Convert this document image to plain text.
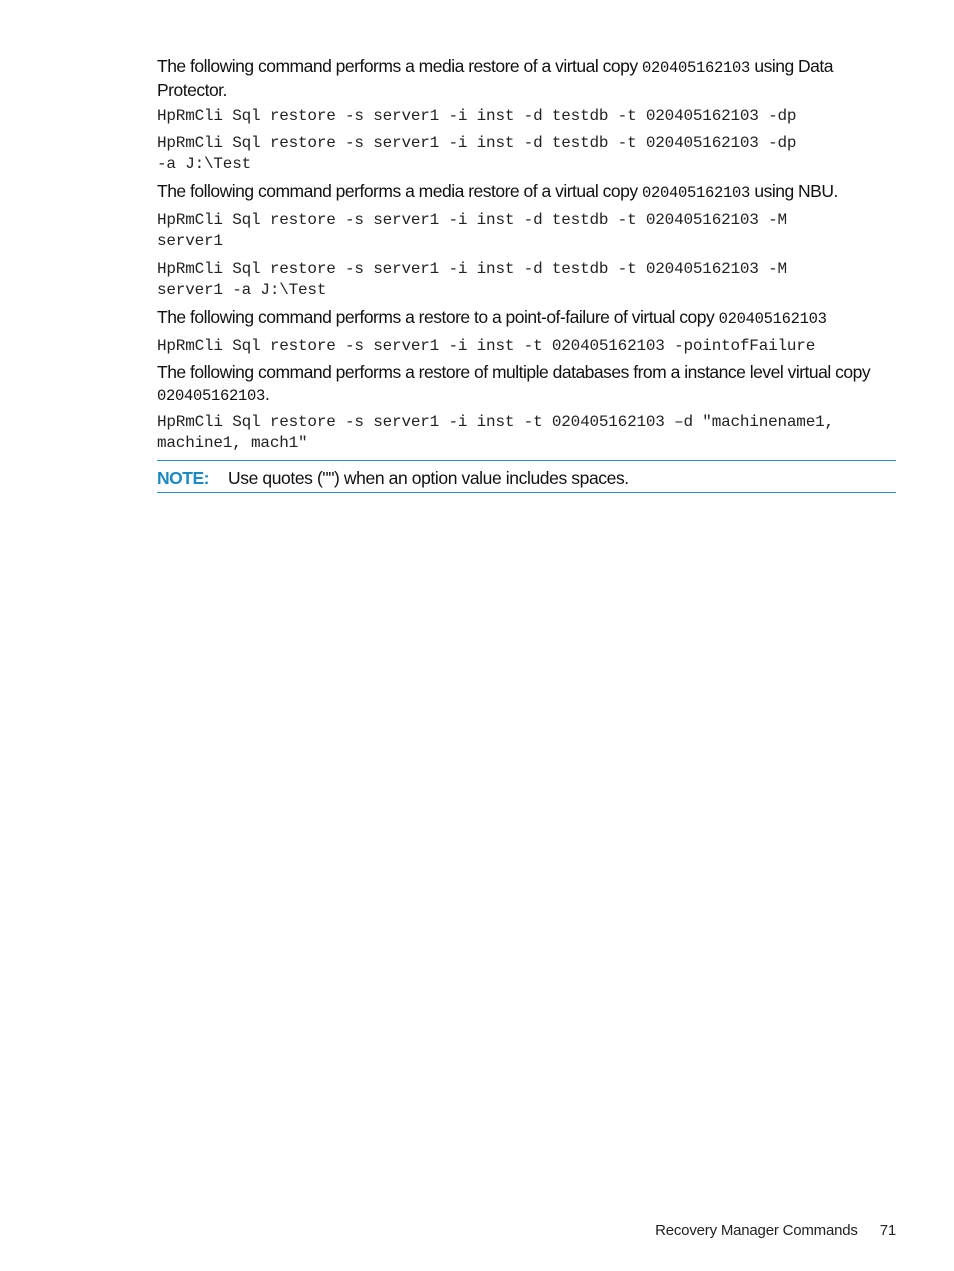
The following command performs a media restore of a virtual copy 020405162103 using Data

Protector.

HpRmCli Sql restore -s server1 -i inst -d testdb -t 020405162103 -dp

HpRmCli Sql restore -s server1 -i inst -d testdb -t 020405162103 -dp

-a J:\Test

The following command performs a media restore of a virtual copy 020405162103 using NBU.

HpRmCli Sql restore -s server1 -i inst -d testdb -t 020405162103 -M

server1

HpRmCli Sql restore -s server1 -i inst -d testdb -t 020405162103 -M

server1 -a J:\Test

The following command performs a restore to a point-of-failure of virtual copy 020405162103

HpRmCli Sql restore -s server1 -i inst -t 020405162103 -pointofFailure

The following command performs a restore of multiple databases from a instance level virtual copy

020405162103.

HpRmCli Sql restore -s server1 -i inst -t 020405162103 –d "machinename1,

machine1, mach1"

NOTE: Use quotes ("") when an option value includes spaces.
Recovery Manager Commands 71
